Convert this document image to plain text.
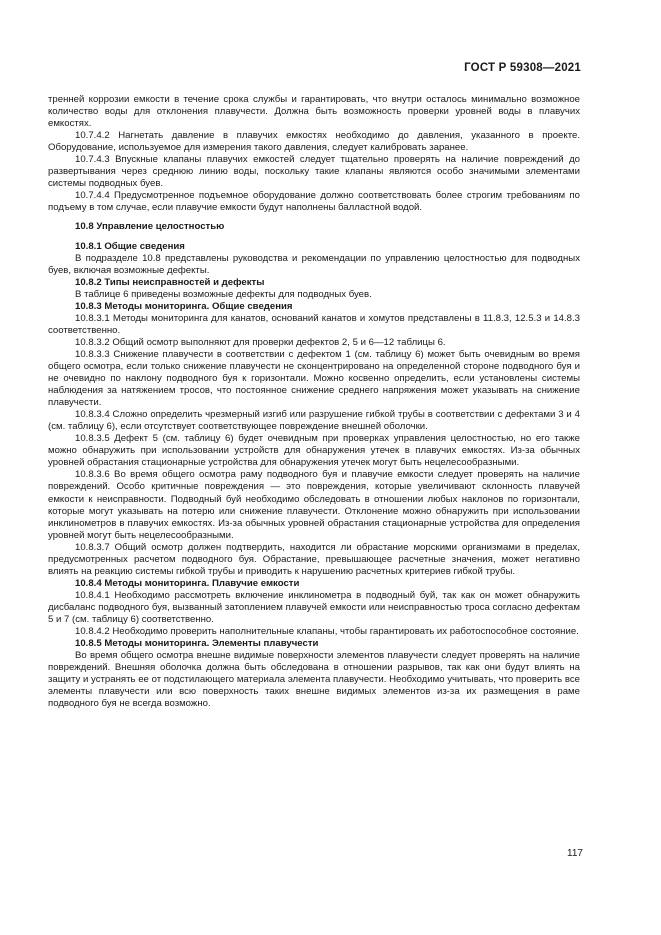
ГОСТ Р 59308—2021

тренней коррозии емкости в течение срока службы и гарантировать, что внутри осталось минимально возможное количество воды для отклонения плавучести. Должна быть возможность проверки уровней воды в плавучих емкостях.

10.7.4.2 Нагнетать давление в плавучих емкостях необходимо до давления, указанного в проекте. Оборудование, используемое для измерения такого давления, следует калибровать заранее.

10.7.4.3 Впускные клапаны плавучих емкостей следует тщательно проверять на наличие повреждений до развертывания через среднюю линию воды, поскольку такие клапаны являются особо значимыми элементами системы подводных буев.

10.7.4.4 Предусмотренное подъемное оборудование должно соответствовать более строгим требованиям по подъему в том случае, если плавучие емкости будут наполнены балластной водой.

10.8 Управление целостностью

10.8.1 Общие сведения

В подразделе 10.8 представлены руководства и рекомендации по управлению целостностью для подводных буев, включая возможные дефекты.

10.8.2 Типы неисправностей и дефекты

В таблице 6 приведены возможные дефекты для подводных буев.

10.8.3 Методы мониторинга. Общие сведения

10.8.3.1 Методы мониторинга для канатов, оснований канатов и хомутов представлены в 11.8.3, 12.5.3 и 14.8.3 соответственно.

10.8.3.2 Общий осмотр выполняют для проверки дефектов 2, 5 и 6—12 таблицы 6.

10.8.3.3 Снижение плавучести в соответствии с дефектом 1 (см. таблицу 6) может быть очевидным во время общего осмотра, если только снижение плавучести не сконцентрировано на определенной стороне подводного буя и не очевидно по наклону подводного буя к горизонтали. Можно косвенно определить, если установлены системы наблюдения за натяжением тросов, что постоянное снижение среднего напряжения может указывать на снижение плавучести.

10.8.3.4 Сложно определить чрезмерный изгиб или разрушение гибкой трубы в соответствии с дефектами 3 и 4 (см. таблицу 6), если отсутствует соответствующее повреждение внешней оболочки.

10.8.3.5 Дефект 5 (см. таблицу 6) будет очевидным при проверках управления целостностью, но его также можно обнаружить при использовании устройств для обнаружения утечек в плавучих емкостях. Из-за обычных уровней обрастания стационарные устройства для обнаружения утечек могут быть нецелесообразными.

10.8.3.6 Во время общего осмотра раму подводного буя и плавучие емкости следует проверять на наличие повреждений. Особо критичные повреждения — это повреждения, которые увеличивают склонность плавучей емкости к неисправности. Подводный буй необходимо обследовать в отношении любых наклонов по горизонтали, которые могут указывать на потерю или снижение плавучести. Отклонение можно обнаружить при использовании инклинометров в плавучих емкостях. Из-за обычных уровней обрастания стационарные устройства для определения уровней могут быть нецелесообразными.

10.8.3.7 Общий осмотр должен подтвердить, находится ли обрастание морскими организмами в пределах, предусмотренных расчетом подводного буя. Обрастание, превышающее расчетные значения, может негативно влиять на реакцию системы гибкой трубы и приводить к нарушению расчетных критериев гибкой трубы.

10.8.4 Методы мониторинга. Плавучие емкости

10.8.4.1 Необходимо рассмотреть включение инклинометра в подводный буй, так как он может обнаружить дисбаланс подводного буя, вызванный затоплением плавучей емкости или неисправностью троса согласно дефектам 5 и 7 (см. таблицу 6) соответственно.

10.8.4.2 Необходимо проверить наполнительные клапаны, чтобы гарантировать их работоспособное состояние.

10.8.5 Методы мониторинга. Элементы плавучести

Во время общего осмотра внешне видимые поверхности элементов плавучести следует проверять на наличие повреждений. Внешняя оболочка должна быть обследована в отношении разрывов, так как они будут влиять на защиту и устранять ее от подстилающего материала элемента плавучести. Необходимо учитывать, что проверить все элементы плавучести или всю поверхность таких внешне видимых элементов из-за их размещения в раме подводного буя не всегда возможно.

117
